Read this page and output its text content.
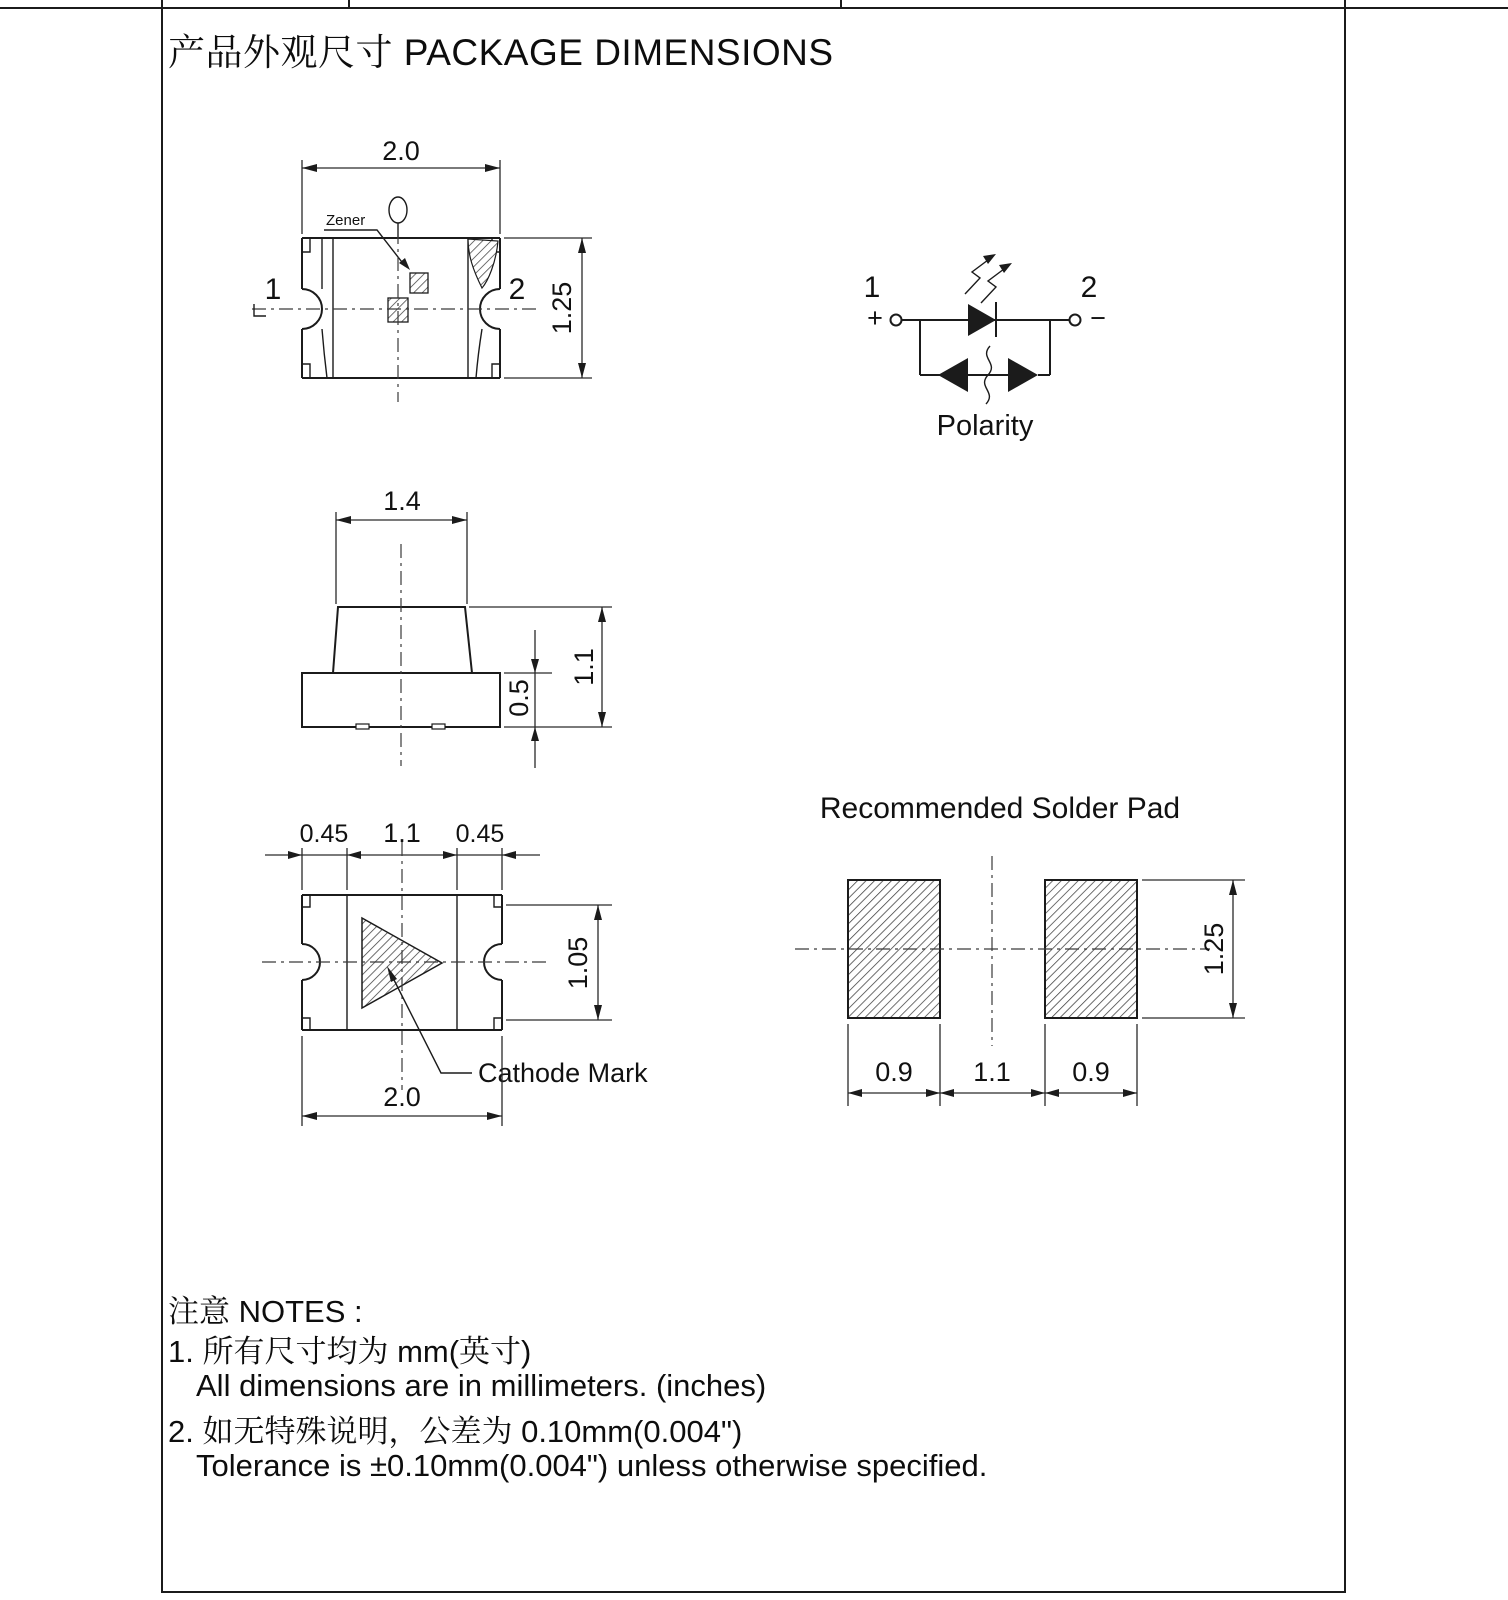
产品外观尺寸 PACKAGE DIMENSIONS
2.0
Zener
1	2 1.25	1
+
2
−
Polarity
1.4
1.1
0.5
0.45 1.1 0.45
1.05
Cathode Mark
2.0
Recommended Solder Pad
1.25
0.9 1.1 0.9
注意 NOTES :
1. 所有尺寸均为 mm(英寸)
All dimensions are in millimeters. (inches)
2. 如无特殊说明，公差为 0.10mm(0.004")
Tolerance is ±0.10mm(0.004") unless otherwise specified.
